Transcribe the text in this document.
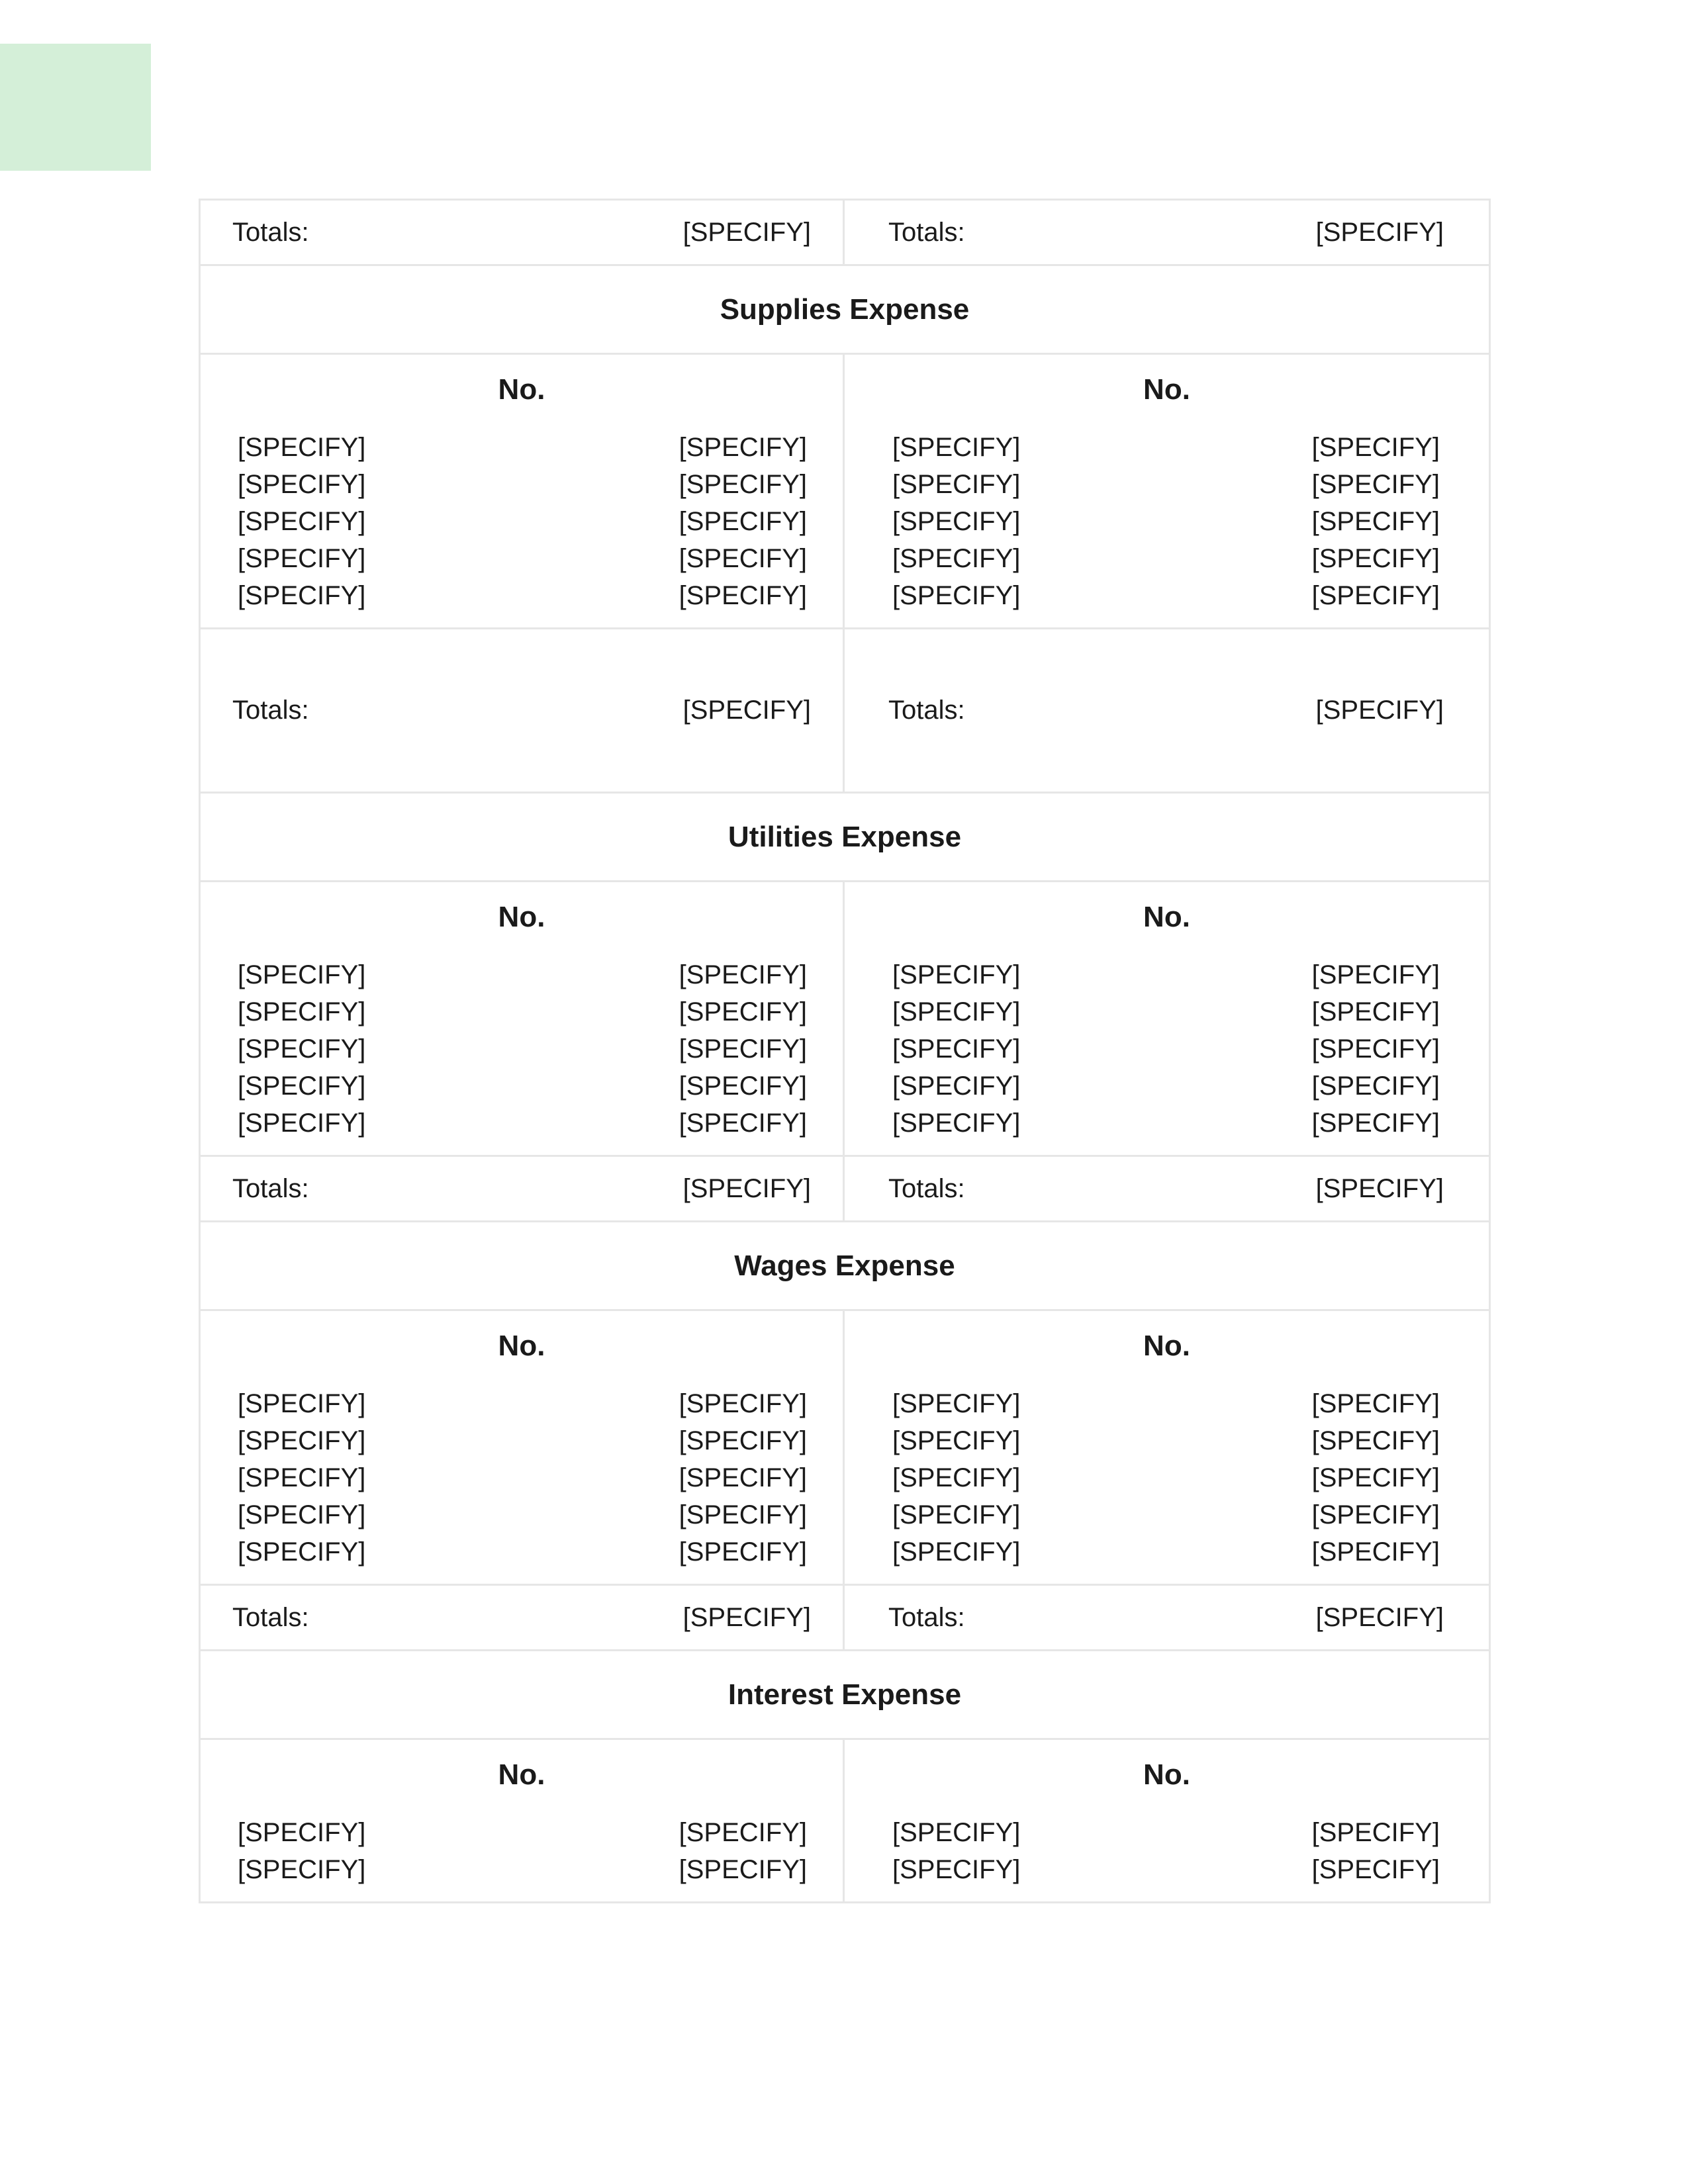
Totals:	[SPECIFY]	Totals:	[SPECIFY]
Supplies Expense
No.
[SPECIFY]	[SPECIFY]
[SPECIFY]	[SPECIFY]
[SPECIFY]	[SPECIFY]
[SPECIFY]	[SPECIFY]
[SPECIFY]	[SPECIFY]
No.
[SPECIFY]	[SPECIFY]
[SPECIFY]	[SPECIFY]
[SPECIFY]	[SPECIFY]
[SPECIFY]	[SPECIFY]
[SPECIFY]	[SPECIFY]
Totals:	[SPECIFY]	Totals:	[SPECIFY]
Utilities Expense
No.
[SPECIFY]	[SPECIFY]
[SPECIFY]	[SPECIFY]
[SPECIFY]	[SPECIFY]
[SPECIFY]	[SPECIFY]
[SPECIFY]	[SPECIFY]
No.
[SPECIFY]	[SPECIFY]
[SPECIFY]	[SPECIFY]
[SPECIFY]	[SPECIFY]
[SPECIFY]	[SPECIFY]
[SPECIFY]	[SPECIFY]
Totals:	[SPECIFY]	Totals:	[SPECIFY]
Wages Expense
No.
[SPECIFY]	[SPECIFY]
[SPECIFY]	[SPECIFY]
[SPECIFY]	[SPECIFY]
[SPECIFY]	[SPECIFY]
[SPECIFY]	[SPECIFY]
No.
[SPECIFY]	[SPECIFY]
[SPECIFY]	[SPECIFY]
[SPECIFY]	[SPECIFY]
[SPECIFY]	[SPECIFY]
[SPECIFY]	[SPECIFY]
Totals:	[SPECIFY]	Totals:	[SPECIFY]
Interest Expense
No.
[SPECIFY]	[SPECIFY]
[SPECIFY]	[SPECIFY]
No.
[SPECIFY]	[SPECIFY]
[SPECIFY]	[SPECIFY]
